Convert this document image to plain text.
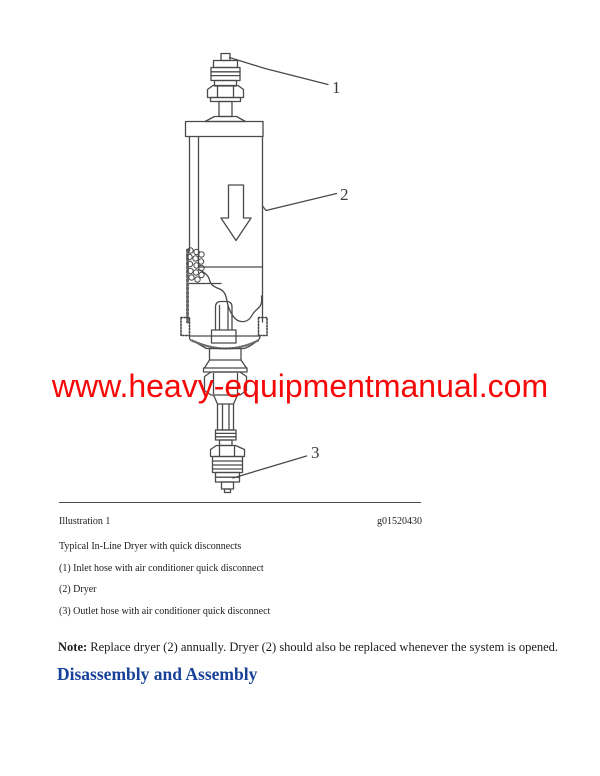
1
2
3
www.heavy-equipmentmanual.com
Illustration 1	g01520430

Typical In-Line Dryer with quick disconnects

(1) Inlet hose with air conditioner quick disconnect

(2) Dryer

(3) Outlet hose with air conditioner quick disconnect

Note: Replace dryer (2) annually. Dryer (2) should also be replaced whenever the system is opened.

Disassembly and Assembly
